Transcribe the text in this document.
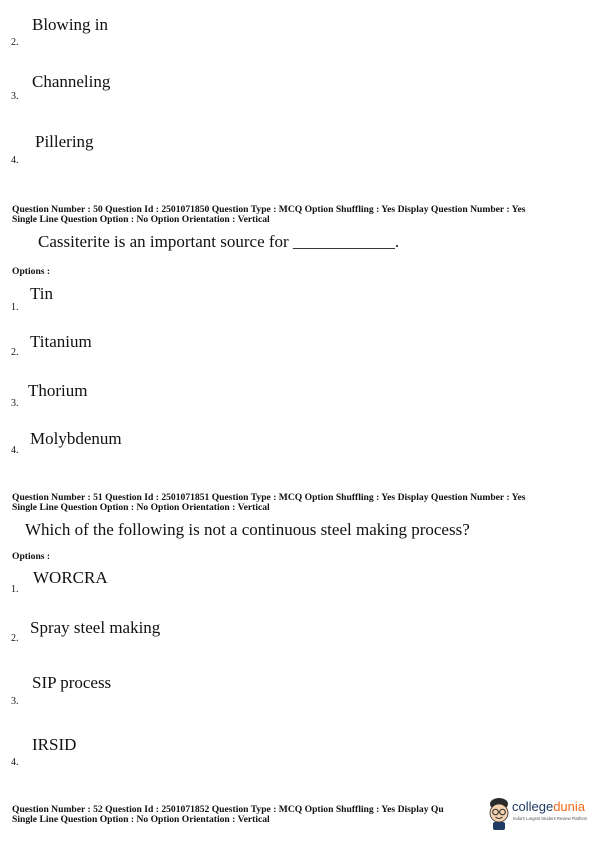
Blowing in
2.
Channeling
3.
Pillering
4.
Question Number : 50 Question Id : 2501071850 Question Type : MCQ Option Shuffling : Yes Display Question Number : Yes
Single Line Question Option : No Option Orientation : Vertical
Cassiterite is an important source for ____________.
Options :
Tin
1.
Titanium
2.
Thorium
3.
Molybdenum
4.
Question Number : 51 Question Id : 2501071851 Question Type : MCQ Option Shuffling : Yes Display Question Number : Yes
Single Line Question Option : No Option Orientation : Vertical
Which of the following is not a continuous steel making process?
Options :
WORCRA
1.
Spray steel making
2.
SIP process
3.
IRSID
4.
Question Number : 52 Question Id : 2501071852 Question Type : MCQ Option Shuffling : Yes Display Qu
Single Line Question Option : No Option Orientation : Vertical
collegedunia
India's Largest Student Review Platform
